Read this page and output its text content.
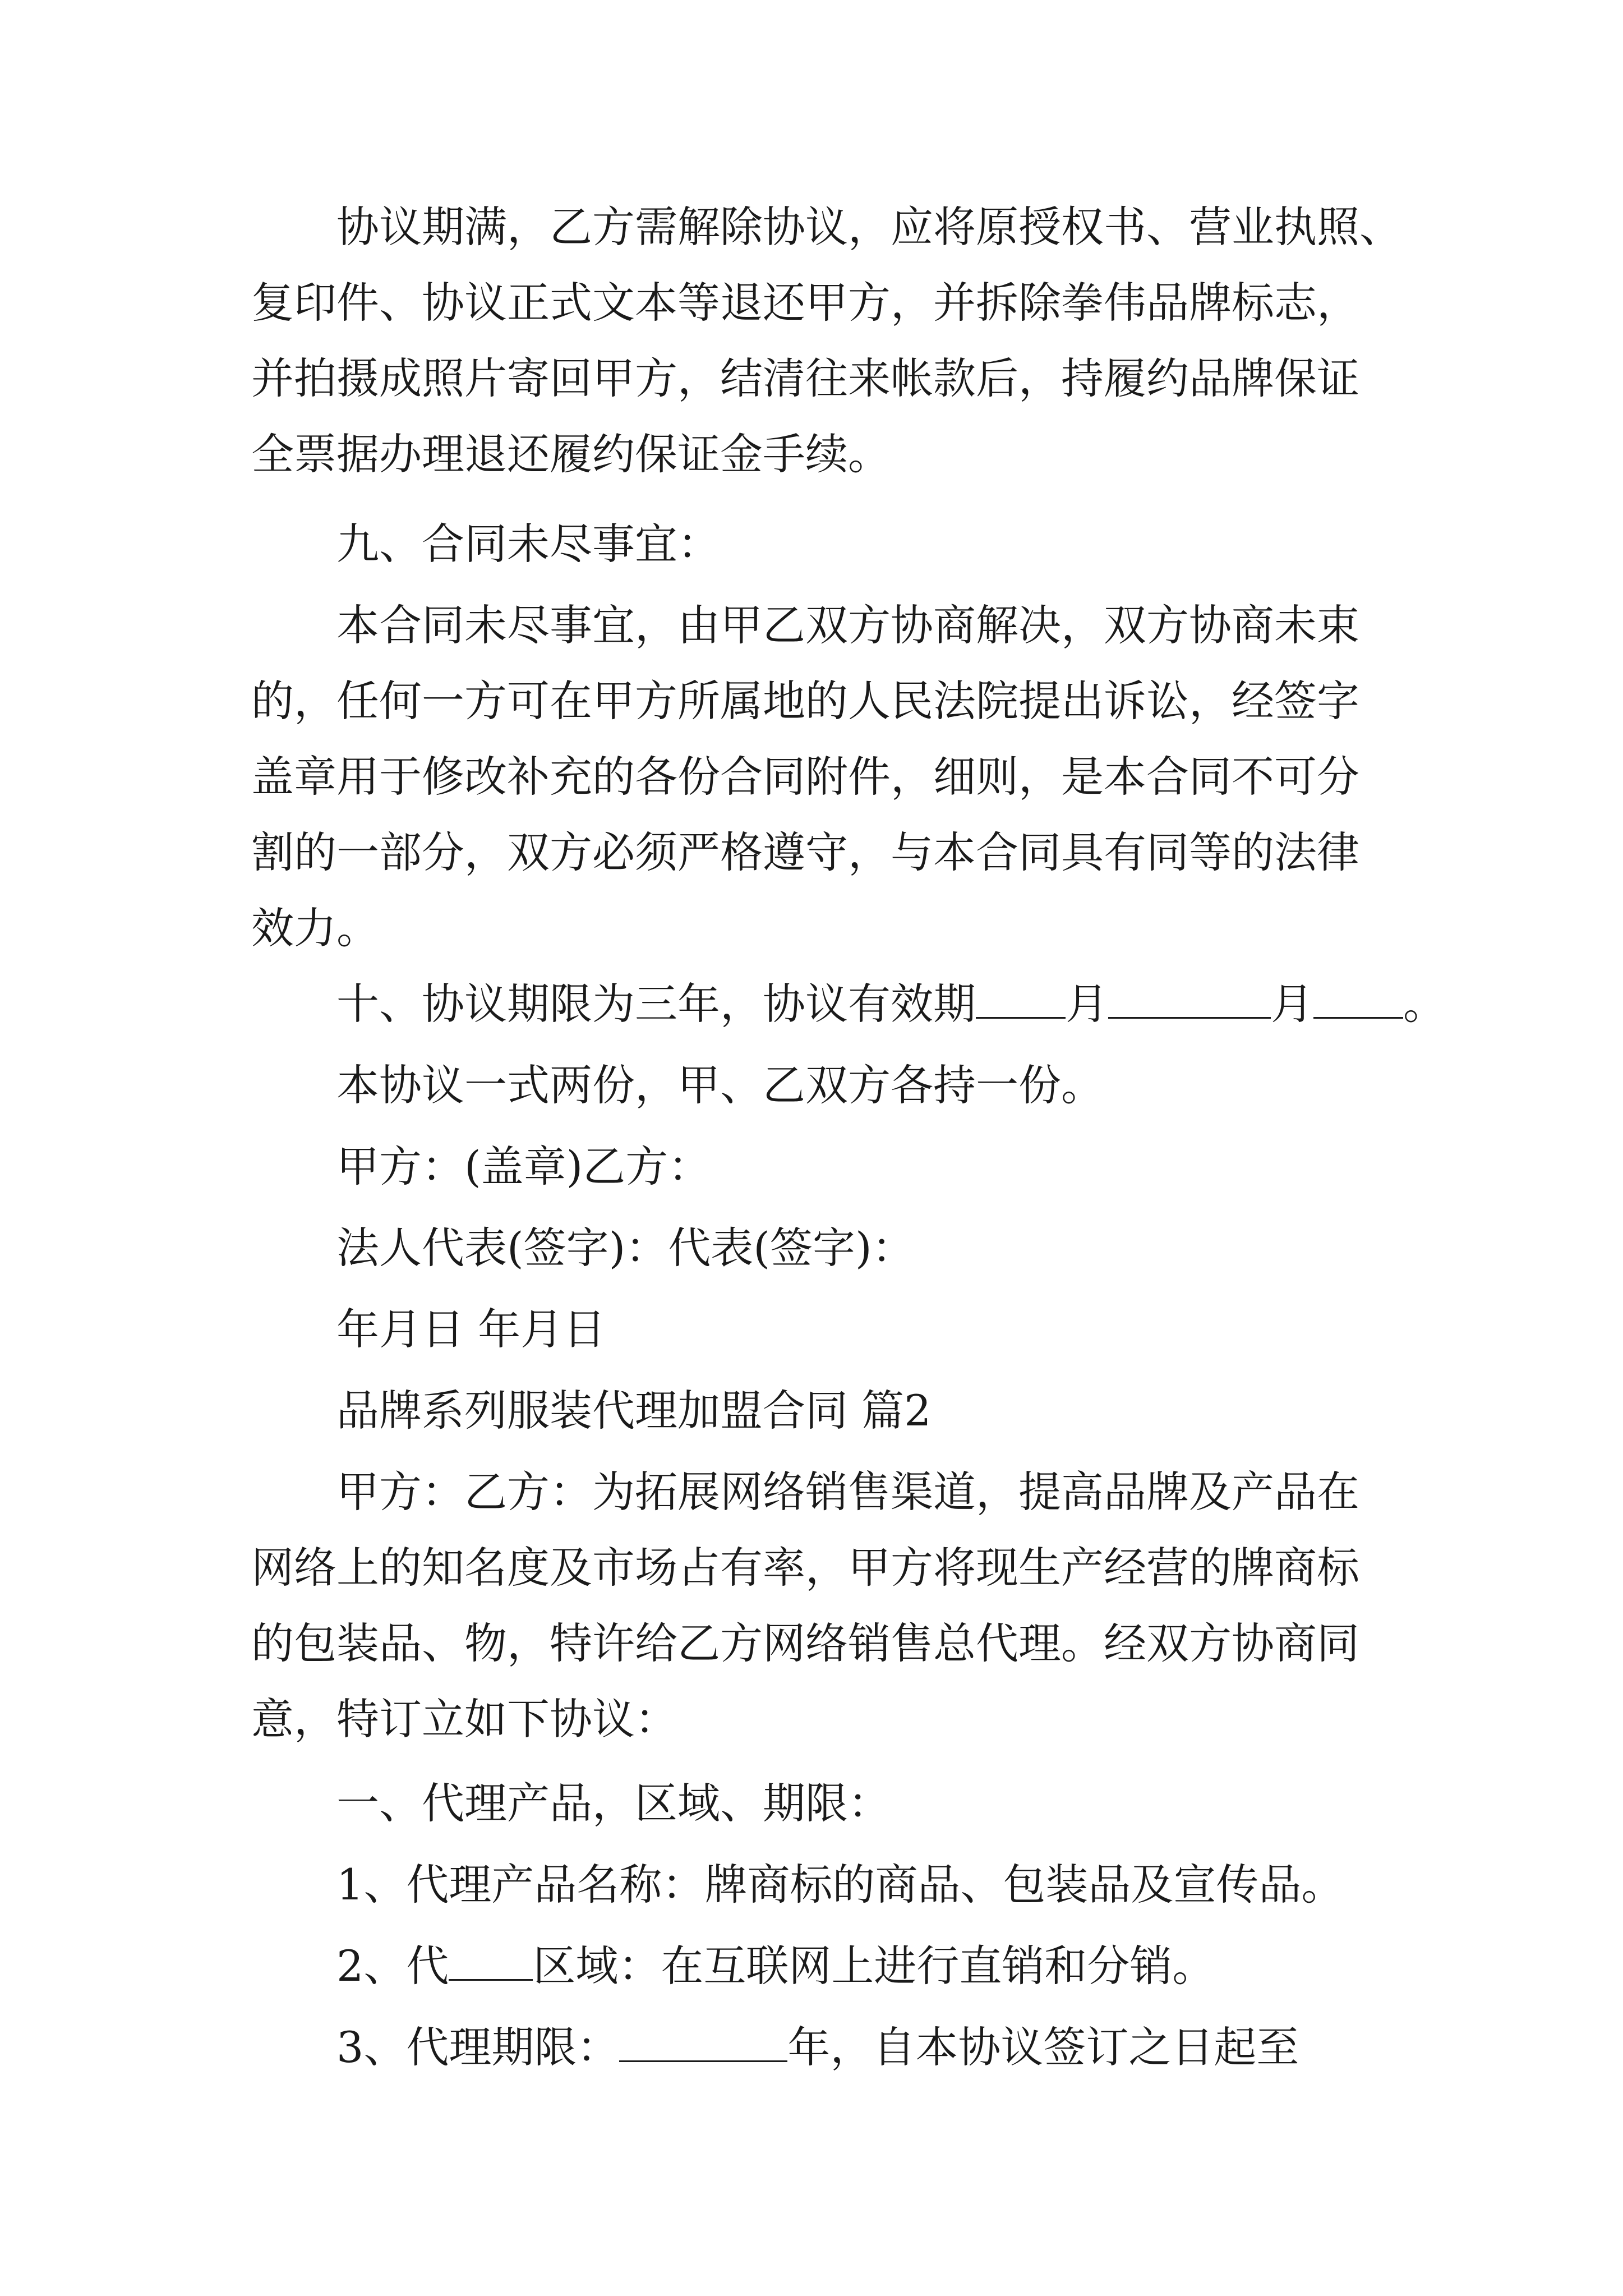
协议期满，乙方需解除协议，应将原授权书、营业执照、
复印件、协议正式文本等退还甲方，并拆除拳伟品牌标志，
并拍摄成照片寄回甲方，结清往来帐款后，持履约品牌保证
全票据办理退还履约保证金手续。
九、合同未尽事宜：
本合同未尽事宜，由甲乙双方协商解决，双方协商未束
的，任何一方可在甲方所属地的人民法院提出诉讼，经签字
盖章用于修改补充的各份合同附件，细则，是本合同不可分
割的一部分，双方必须严格遵守，与本合同具有同等的法律
效力。
十、协议期限为三年，协议有效期 月	月 。
本协议一式两份，甲、乙双方各持一份。
甲方：(盖章)乙方：
法人代表(签字)：代表(签字)：
年月日 年月日
品牌系列服装代理加盟合同 篇2
甲方：乙方：为拓展网络销售渠道，提高品牌及产品在
网络上的知名度及市场占有率，甲方将现生产经营的牌商标
的包装品、物，特许给乙方网络销售总代理。经双方协商同
意，特订立如下协议：
一、代理产品，区域、期限：
1、代理产品名称：牌商标的商品、包装品及宣传品。
2、代 区域：在互联网上进行直销和分销。
3、代理期限：	年，自本协议签订之日起至
